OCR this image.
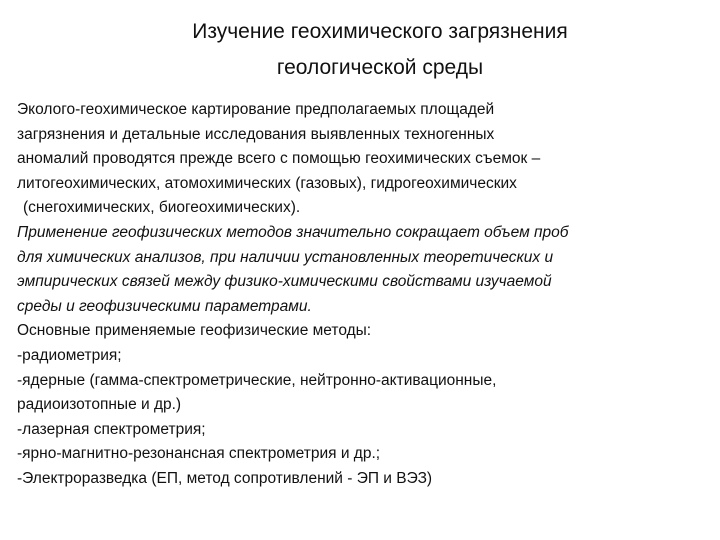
Изучение геохимического загрязнения
геологической среды
Эколого-геохимическое картирование предполагаемых площадей
загрязнения и детальные исследования выявленных техногенных
аномалий проводятся прежде всего с помощью геохимических съемок –
литогеохимических, атомохимических (газовых), гидрогеохимических
(снегохимических, биогеохимических).
Применение геофизических методов значительно сокращает объем проб
для химических анализов, при наличии установленных теоретических и
эмпирических связей между физико-химическими свойствами изучаемой
среды и геофизическими параметрами.
Основные применяемые геофизические методы:
-радиометрия;
-ядерные (гамма-спектрометрические, нейтронно-активационные,
радиоизотопные и др.)
-лазерная спектрометрия;
-ярно-магнитно-резонансная спектрометрия и др.;
-Электроразведка (ЕП, метод сопротивлений - ЭП и ВЭЗ)
